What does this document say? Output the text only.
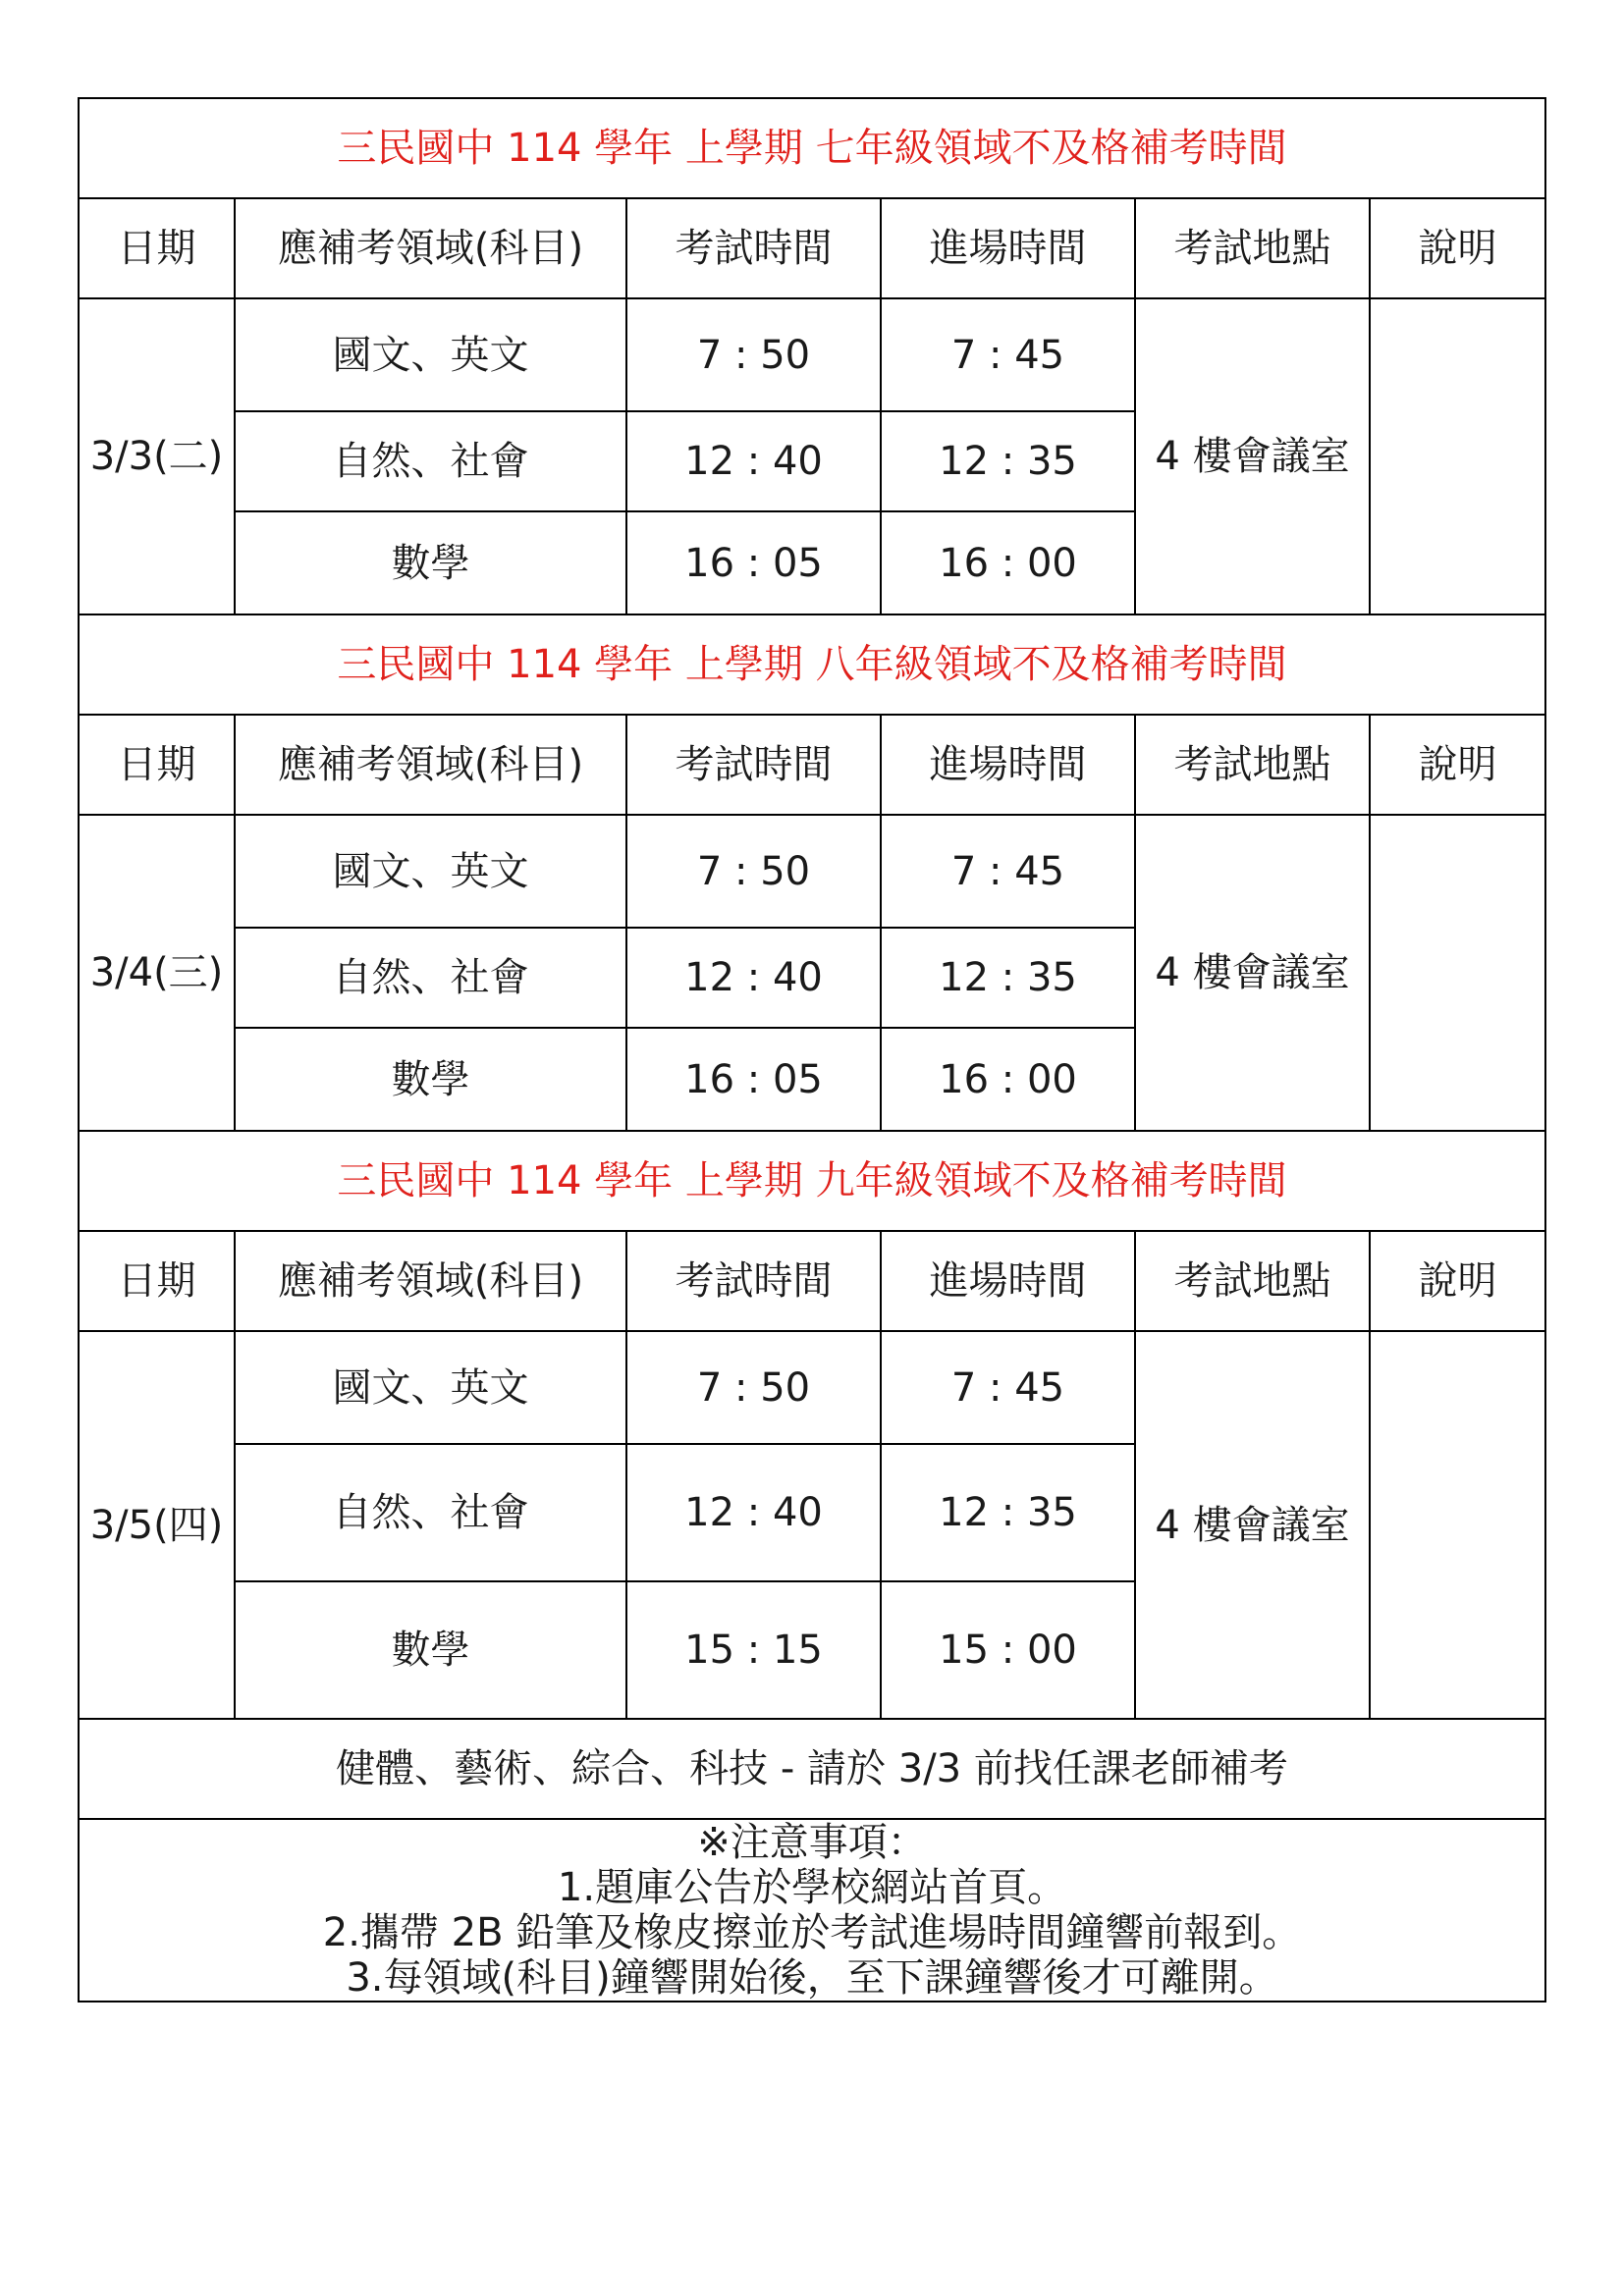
三民國中 114 學年 上學期 七年級領域不及格補考時間					
日期	應補考領域(科目)	考試時間	進場時間	考試地點	說明
3/3(二)	國文、英文	7 : 50	7 : 45	4 樓會議室	
	自然、社會	12 : 40	12 : 35		
	數學	16 : 05	16 : 00		
三民國中 114 學年 上學期 八年級領域不及格補考時間					
日期	應補考領域(科目)	考試時間	進場時間	考試地點	說明
3/4(三)	國文、英文	7 : 50	7 : 45	4 樓會議室	
	自然、社會	12 : 40	12 : 35		
	數學	16 : 05	16 : 00		
三民國中 114 學年 上學期 九年級領域不及格補考時間					
日期	應補考領域(科目)	考試時間	進場時間	考試地點	說明
3/5(四)	國文、英文	7 : 50	7 : 45	4 樓會議室	
	自然、社會	12 : 40	12 : 35		
	數學	15 : 15	15 : 00		
健體、藝術、綜合、科技 - 請於 3/3 前找任課老師補考					

※注意事項：
1.題庫公告於學校網站首頁。
2.攜帶 2B 鉛筆及橡皮擦並於考試進場時間鐘響前報到。
3.每領域(科目)鐘響開始後，至下課鐘響後才可離開。					
